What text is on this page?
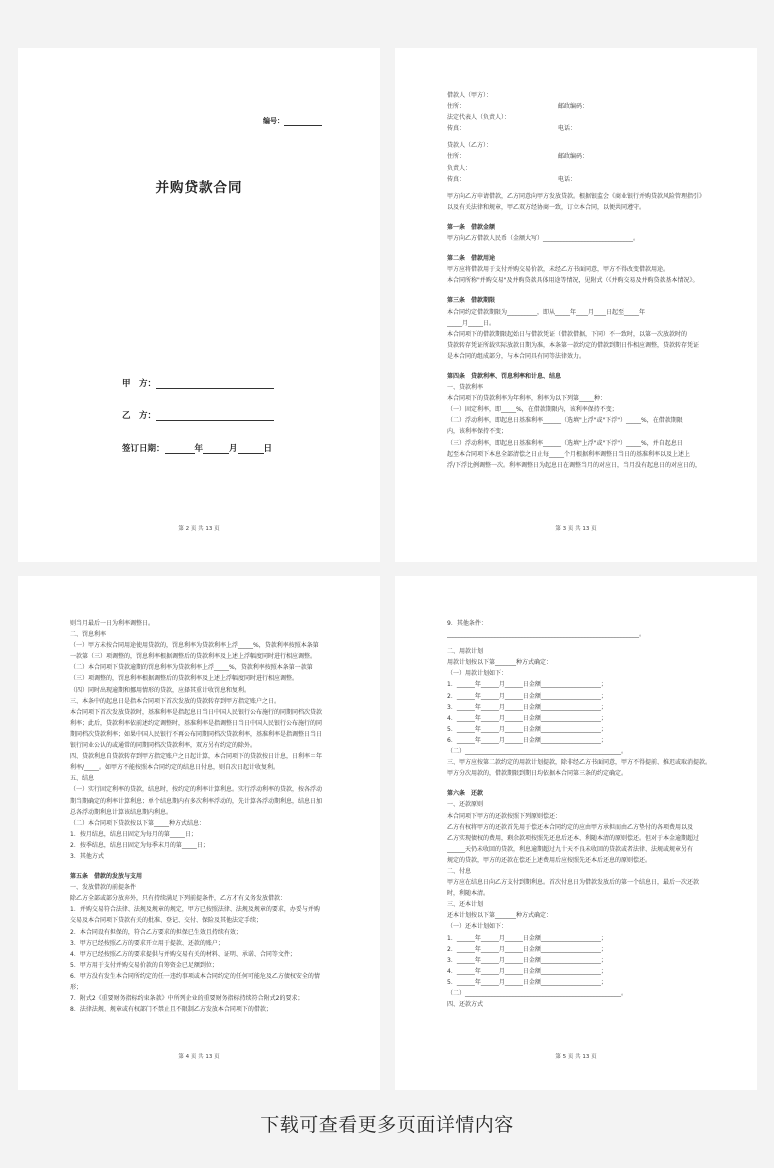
编号：
并购贷款合同
甲　方：
乙　方：
签订日期：	年	月	日
第 2 页 共 13 页
借款人（甲方）：
住所：　　　　　　　　　　　　　　　　邮政编码：
法定代表人（负责人）：
传真：　　　　　　　　　　　　　　　　电话：
贷款人（乙方）：
住所：　　　　　　　　　　　　　　　　邮政编码：
负责人：
传真：　　　　　　　　　　　　　　　　电话：
甲方向乙方申请借款，乙方同意向甲方发放贷款。根据银监会《商业银行并购贷款风险管理指引》
以及有关法律和规章，甲乙双方经协商一致，订立本合同，以便共同遵守。
第一条　借款金额
甲方向乙方借款人民币（金额大写）______________________________。
第二条　借款用途
甲方应将借款用于支付并购交易价款，未经乙方书面同意，甲方不得改变借款用途。
本合同所称"并购交易"及并购贷款具体用途等情况，见附式（《并购交易及并购贷款基本情况》。
第三条　借款期限
本合同约定借款期限为__________，即从_____年____月____日起至_____年
_____月_____日。
本合同项下的借款期限起始日与借款凭证（借款借据，下同）不一致时，以第一次放款时的
贷款转存凭证所载实际放款日期为准，本条第一款约定的借款到期日作相应调整，贷款转存凭证
是本合同的组成部分，与本合同具有同等法律效力。
第四条　贷款利率、罚息利率和计息、结息
一、贷款利率
本合同项下的贷款利率为年利率，利率为以下列第_____种：
（一）固定利率，即_____%，在借款期限内，该利率保持不变；
（二）浮动利率，即起息日基准利率______（选填"上浮"或"下浮"）_____%，在借款期限
内，该利率保持不变；
（三）浮动利率，即起息日基准利率______（选填"上浮"或"下浮"）_____%，并自起息日
起至本合同项下本息全部清偿之日止每_____个月根据利率调整日当日的基准利率以及上述上
浮/下浮比例调整一次。利率调整日为起息日在调整当月的对应日，当月没有起息日的对应日的，
第 3 页 共 13 页
则当月最后一日为利率调整日。
二、罚息利率
（一）甲方未按合同用途使用贷款的，罚息利率为贷款利率上浮_____%，贷款利率按照本条第
一款第（三）项调整的，罚息利率根据调整后的贷款利率及上述上浮幅度同时进行相应调整。
（二）本合同项下贷款逾期的罚息利率为贷款利率上浮_____%，贷款利率按照本条第一款第
（三）项调整的，罚息利率根据调整后的贷款利率及上述上浮幅度同时进行相应调整。
（四）同时出现逾期和挪用情形的贷款，应择其重计收罚息和复利。
三、本条中的起息日是指本合同项下首次发放的贷款转存到甲方指定账户之日。
本合同项下首次发放贷款时，基准利率是指起息日当日中国人民银行公布施行的同期同档次贷款
利率；此后，贷款利率依前述约定调整时，基准利率是指调整日当日中国人民银行公布施行的同
期同档次贷款利率；如果中国人民银行不再公布同期同档次贷款利率，基准利率是指调整日当日
银行同业公认的或通常的同期同档次贷款利率，双方另有约定的除外。
四、贷款利息自贷款转存到甲方指定账户之日起计算，本合同项下的贷款按日计息，日利率＝年
利率/_____。如甲方不能按照本合同约定的结息日付息，则自次日起计收复利。
五、结息
（一）实行固定利率的贷款，结息时，按约定的利率计算利息。实行浮动利率的贷款，按各浮动
期当期确定的利率计算利息；单个结息期内有多次利率浮动的，先计算各浮动期利息，结息日加
总各浮动期利息计算该结息期内利息。
（二）本合同项下贷款按以下第_____种方式结息：
1．按月结息，结息日固定为每月的第_____日；
2．按季结息，结息日固定为每季末月的第_____日；
3．其他方式
第五条　借款的发放与支用
一、发放借款的前提条件
除乙方全部或部分放弃外，只有持续满足下列前提条件，乙方才有义务发放借款：
1．并购交易符合法律、法规及规章的规定，甲方已按照法律、法规及规章的要求，办妥与并购
交易及本合同项下贷款有关的批准、登记、交付、保险及其他法定手续；
2．本合同设有担保的，符合乙方要求的担保已生效且持续有效；
3．甲方已经按照乙方的要求开立用于提款、还款的账户；
4．甲方已经按照乙方的要求提供与并购交易有关的材料、证明、承诺、合同等文件；
5．甲方用于支付并购交易价款的自筹资金已足额到位；
6．甲方没有发生本合同所约定的任一违约事项或本合同约定的任何可能危及乙方债权安全的情
形；
7．附式2《重要财务指标约束条款》中所列企业的重要财务指标持续符合附式2的要求；
8．法律法规、规章或有权部门不禁止且不限制乙方发放本合同项下的借款；
第 4 页 共 13 页
9．其他条件：
________________________________________________________________。
二、用款计划
用款计划按以下第_______种方式确定：
（一）用款计划如下：
1．______年______月______日金额____________________；
2．______年______月______日金额____________________；
3．______年______月______日金额____________________；
4．______年______月______日金额____________________；
5．______年______月______日金额____________________；
6．______年______月______日金额____________________；
（二）____________________________________________________。
三、甲方应按第二款约定的用款计划提款，除非经乙方书面同意，甲方不得提前、推迟或取消提款。
甲方分次用款的，借款期限到期日均依据本合同第三条的约定确定。
第六条　还款
一、还款原则
本合同项下甲方的还款按照下列原则偿还：
乙方有权将甲方的还款首先用于偿还本合同约定的应由甲方承担而由乙方垫付的各项费用以及
乙方实现债权的费用，剩余款项按照先还息后还本、利随本清的原则偿还。但对于本金逾期超过
______天仍未收回的贷款，利息逾期超过九十天不良未收回的贷款或者法律、法规或规章另有
规定的贷款，甲方的还款在偿还上述费用后应按照先还本后还息的原则偿还。
二、付息
甲方应在结息日向乙方支付到期利息。首次付息日为借款发放后的第一个结息日，最后一次还款
时，利随本清。
三、还本计划
还本计划按以下第_______种方式确定：
（一）还本计划如下：
1．______年______月______日金额____________________；
2．______年______月______日金额____________________；
3．______年______月______日金额____________________；
4．______年______月______日金额____________________；
5．______年______月______日金额____________________；
（二）____________________________________________________。
四、还款方式
第 5 页 共 13 页
下载可查看更多页面详情内容
